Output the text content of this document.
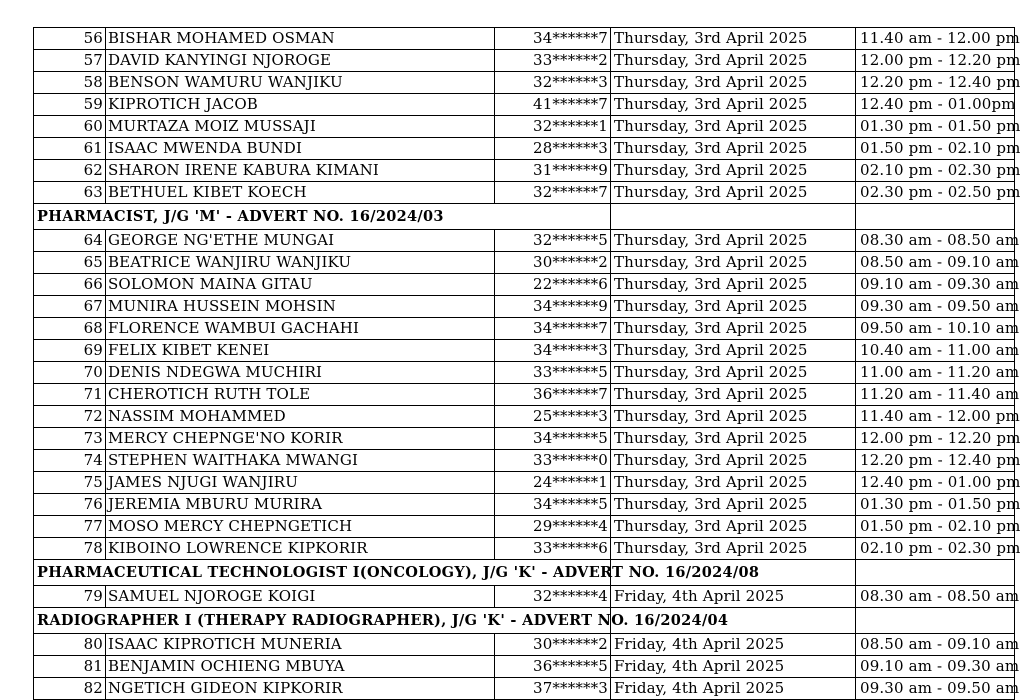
56	BISHAR MOHAMED OSMAN	34******7	Thursday, 3rd April 2025	11.40 am - 12.00 pm
57	DAVID KANYINGI NJOROGE	33******2	Thursday, 3rd April 2025	12.00 pm - 12.20 pm
58	BENSON WAMURU WANJIKU	32******3	Thursday, 3rd April 2025	12.20 pm - 12.40 pm
59	KIPROTICH JACOB	41******7	Thursday, 3rd April 2025	12.40 pm - 01.00pm
60	MURTAZA MOIZ MUSSAJI	32******1	Thursday, 3rd April 2025	01.30 pm - 01.50 pm
61	ISAAC MWENDA BUNDI	28******3	Thursday, 3rd April 2025	01.50 pm - 02.10 pm
62	SHARON IRENE KABURA KIMANI	31******9	Thursday, 3rd April 2025	02.10 pm - 02.30 pm
63	BETHUEL KIBET KOECH	32******7	Thursday, 3rd April 2025	02.30 pm - 02.50 pm
PHARMACIST, J/G 'M' - ADVERT NO. 16/2024/03				
64	GEORGE NG'ETHE MUNGAI	32******5	Thursday, 3rd April 2025	08.30 am - 08.50 am
65	BEATRICE WANJIRU WANJIKU	30******2	Thursday, 3rd April 2025	08.50 am - 09.10 am
66	SOLOMON MAINA GITAU	22******6	Thursday, 3rd April 2025	09.10 am - 09.30 am
67	MUNIRA HUSSEIN MOHSIN	34******9	Thursday, 3rd April 2025	09.30 am - 09.50 am
68	FLORENCE WAMBUI GACHAHI	34******7	Thursday, 3rd April 2025	09.50 am - 10.10 am
69	FELIX KIBET KENEI	34******3	Thursday, 3rd April 2025	10.40 am - 11.00 am
70	DENIS NDEGWA MUCHIRI	33******5	Thursday, 3rd April 2025	11.00 am - 11.20 am
71	CHEROTICH RUTH TOLE	36******7	Thursday, 3rd April 2025	11.20 am - 11.40 am
72	NASSIM MOHAMMED	25******3	Thursday, 3rd April 2025	11.40 am - 12.00 pm
73	MERCY CHEPNGE'NO KORIR	34******5	Thursday, 3rd April 2025	12.00 pm - 12.20 pm
74	STEPHEN WAITHAKA MWANGI	33******0	Thursday, 3rd April 2025	12.20 pm - 12.40 pm
75	JAMES NJUGI WANJIRU	24******1	Thursday, 3rd April 2025	12.40 pm - 01.00 pm
76	JEREMIA MBURU MURIRA	34******5	Thursday, 3rd April 2025	01.30 pm - 01.50 pm
77	MOSO MERCY CHEPNGETICH	29******4	Thursday, 3rd April 2025	01.50 pm - 02.10 pm
78	KIBOINO LOWRENCE KIPKORIR	33******6	Thursday, 3rd April 2025	02.10 pm - 02.30 pm
PHARMACEUTICAL TECHNOLOGIST I(ONCOLOGY), J/G 'K' - ADVERT NO. 16/2024/08				
79	SAMUEL NJOROGE KOIGI	32******4	Friday, 4th April 2025	08.30 am - 08.50 am
RADIOGRAPHER I (THERAPY RADIOGRAPHER), J/G 'K' - ADVERT NO. 16/2024/04				
80	ISAAC KIPROTICH MUNERIA	30******2	Friday, 4th April 2025	08.50 am - 09.10 am
81	BENJAMIN OCHIENG MBUYA	36******5	Friday, 4th April 2025	09.10 am - 09.30 am
82	NGETICH GIDEON KIPKORIR	37******3	Friday, 4th April 2025	09.30 am - 09.50 am
